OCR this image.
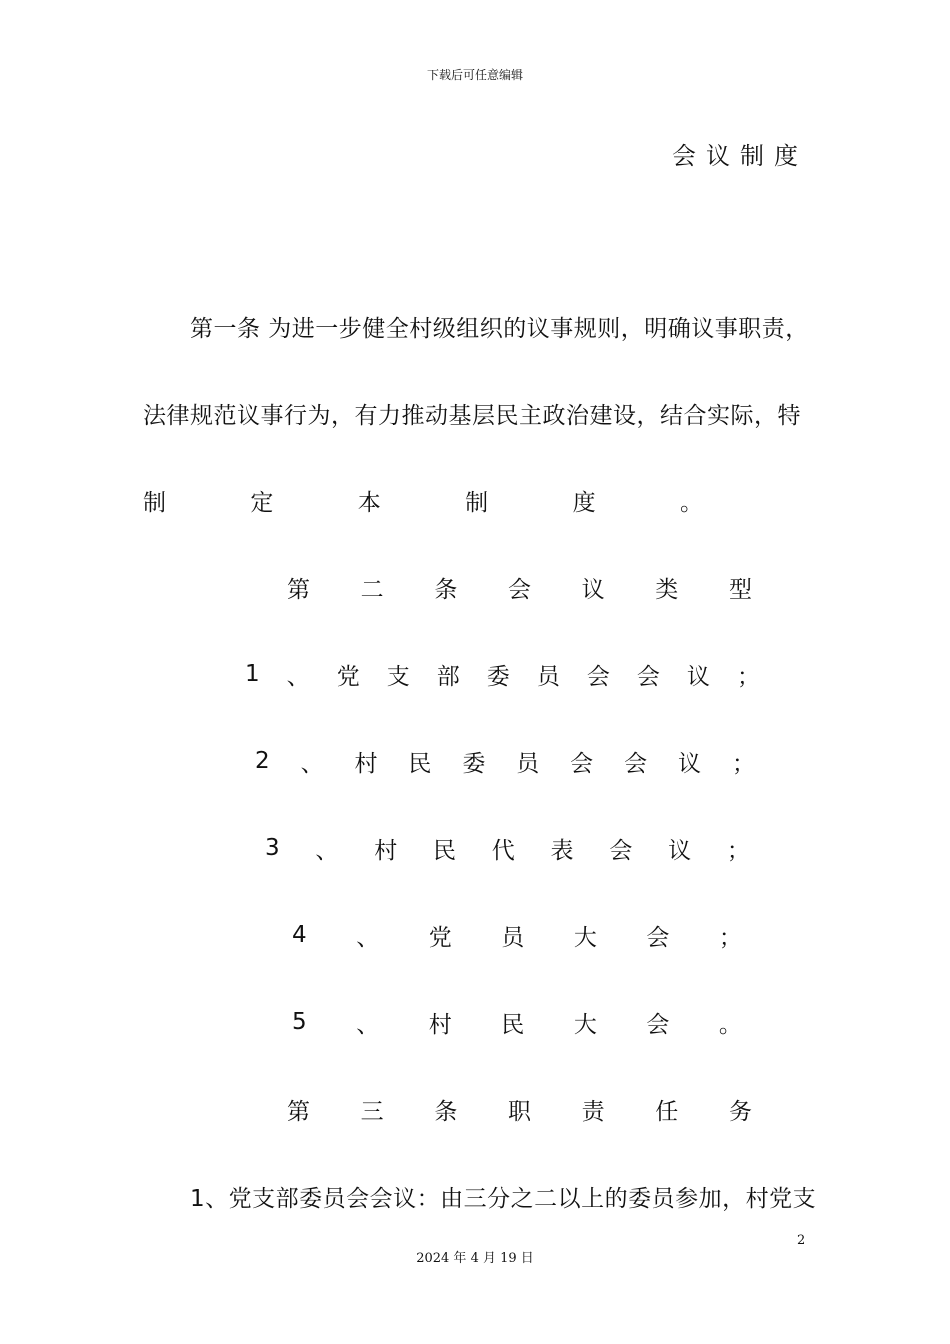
下载后可任意编辑
会议制度
第一条 为进一步健全村级组织的议事规则，明确议事职责，
法律规范议事行为，有力推动基层民主政治建设，结合实际，特
制	定	本	制	度	。
第 二 条 会 议 类 型
1 、 党 支 部 委 员 会 会 议 ；
2 、 村 民 委 员 会 会 议 ；
3 、 村 民 代 表 会 议 ；
4 、 党 员 大 会 ；
5 、 村 民 大 会 。
第 三 条 职 责 任 务
1、党支部委员会会议：由三分之二以上的委员参加，村党支
2
2024 年 4 月 19 日
